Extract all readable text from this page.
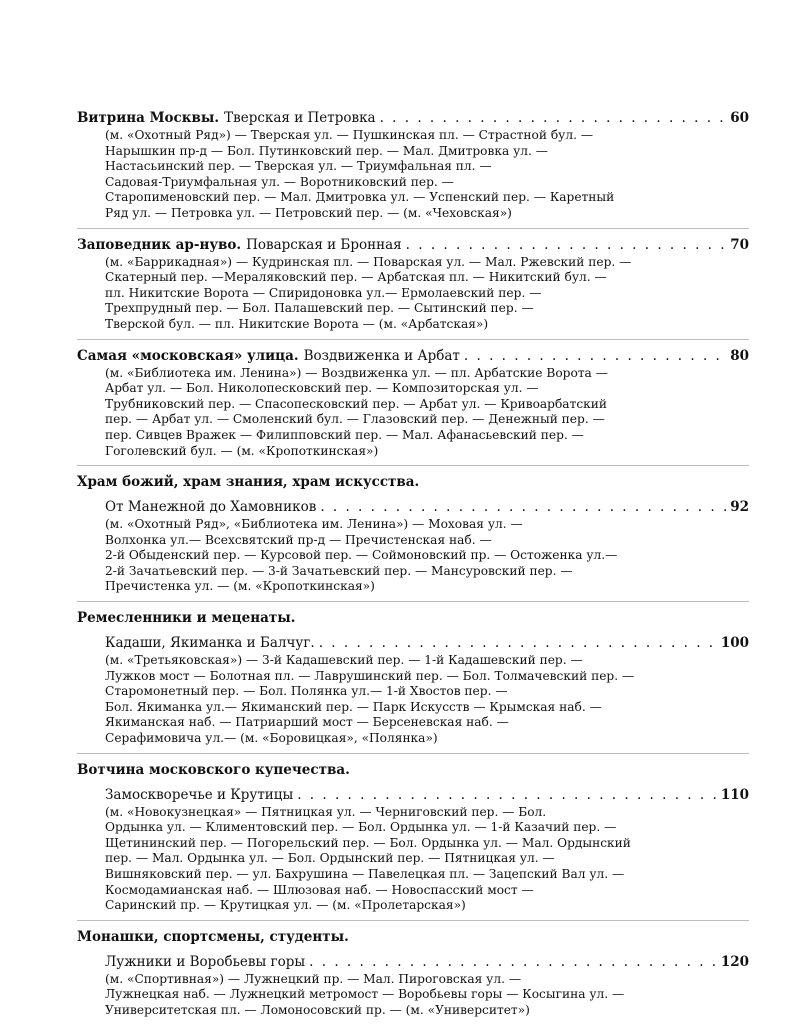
Витрина Москвы. Тверская и Петровка . . .	60
(м. «Охотный Ряд») — Тверская ул. — Пушкинская пл. — Страстной бул. —
Нарышкин пр-д — Бол. Путинковский пер. — Мал. Дмитровка ул. —
Настасьинский пер. — Тверская ул. — Триумфальная пл. —
Садовая-Триумфальная ул. — Воротниковский пер. —
Старопименовский пер. — Мал. Дмитровка ул. — Успенский пер. — Каретный
Ряд ул. — Петровка ул. — Петровский пер. — (м. «Чеховская»)
Заповедник ар-нуво. Поварская и Бронная . . .	70
(м. «Баррикадная») — Кудринская пл. — Поварская ул. — Мал. Ржевский пер. —
Скатерный пер. —Мераляковский пер. — Арбатская пл. — Никитский бул. —
пл. Никитские Ворота — Спиридоновка ул.— Ермолаевский пер. —
Трехпрудный пер. — Бол. Палашевский пер. — Сытинский пер. —
Тверской бул. — пл. Никитские Ворота — (м. «Арбатская»)
Самая «московская» улица. Воздвиженка и Арбат . . .	80
(м. «Библиотека им. Ленина») — Воздвиженка ул. — пл. Арбатские Ворота —
Арбат ул. — Бол. Николопесковский пер. — Композиторская ул. —
Трубниковский пер. — Спасопесковский пер. — Арбат ул. — Кривоарбатский
пер. — Арбат ул. — Смоленский бул. — Глазовский пер. — Денежный пер. —
пер. Сивцев Вражек — Филипповский пер. — Мал. Афанасьевский пер. —
Гоголевский бул. — (м. «Кропоткинская»)
Храм божий, храм знания, храм искусства.
От Манежной до Хамовников . . .	92
(м. «Охотный Ряд», «Библиотека им. Ленина») — Моховая ул. —
Волхонка ул.— Всехсвятский пр-д — Пречистенская наб. —
2-й Обыденский пер. — Курсовой пер. — Соймоновский пр. — Остоженка ул.—
2-й Зачатьевский пер. — 3-й Зачатьевский пер. — Мансуровский пер. —
Пречистенка ул. — (м. «Кропоткинская»)
Ремесленники и меценаты.
Кадаши, Якиманка и Балчуг. . . .	100
(м. «Третьяковская») — 3-й Кадашевский пер. — 1-й Кадашевский пер. —
Лужков мост — Болотная пл. — Лаврушинский пер. — Бол. Толмачевский пер. —
Старомонетный пер. — Бол. Полянка ул.— 1-й Хвостов пер. —
Бол. Якиманка ул.— Якиманский пер. — Парк Искусств — Крымская наб. —
Якиманская наб. — Патриарший мост — Берсеневская наб. —
Серафимовича ул.— (м. «Боровицкая», «Полянка»)
Вотчина московского купечества.
Замоскворечье и Крутицы . . .	110
(м. «Новокузнецкая» — Пятницкая ул. — Черниговский пер. — Бол.
Ордынка ул. — Климентовский пер. — Бол. Ордынка ул. — 1-й Казачий пер. —
Щетининский пер. — Погорельский пер. — Бол. Ордынка ул. — Мал. Ордынский
пер. — Мал. Ордынка ул. — Бол. Ордынский пер. — Пятницкая ул. —
Вишняковский пер. — ул. Бахрушина — Павелецкая пл. — Зацепский Вал ул. —
Космодамианская наб. — Шлюзовая наб. — Новоспасский мост —
Саринский пр. — Крутицкая ул. — (м. «Пролетарская»)
Монашки, спортсмены, студенты.
Лужники и Воробьевы горы . . .	120
(м. «Спортивная») — Лужнецкий пр. — Мал. Пироговская ул. —
Лужнецкая наб. — Лужнецкий метромост — Воробьевы горы — Косыгина ул. —
Университетская пл. — Ломоносовский пр. — (м. «Университет»)
